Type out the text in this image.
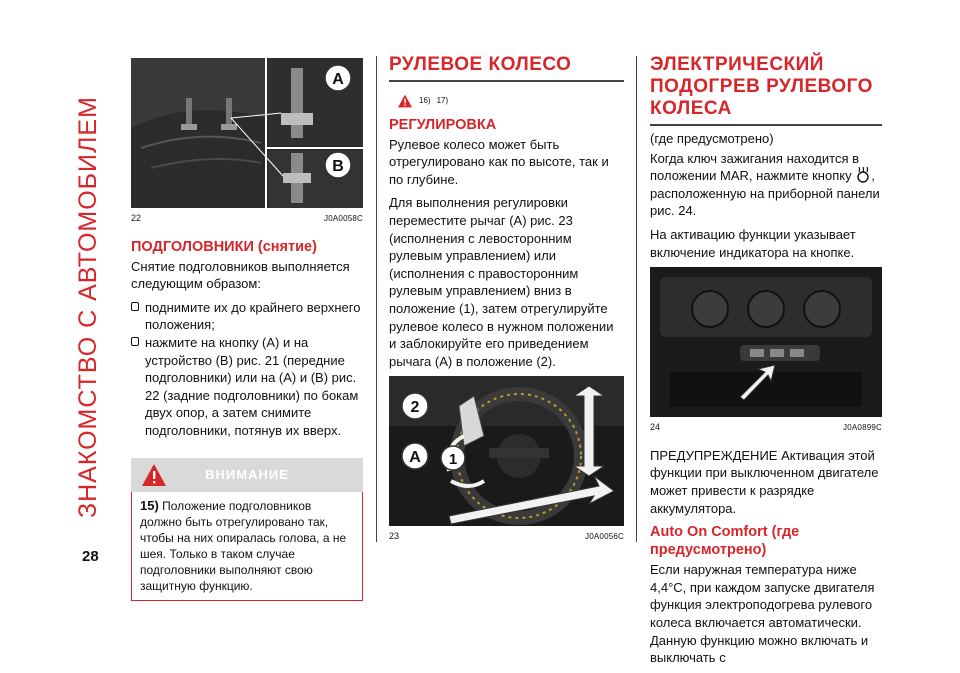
ЗНАКОМСТВО С АВТОМОБИЛЕМ
28
A
B
22	J0A0058C
ПОДГОЛОВНИКИ (снятие)

Снятие подголовников выполняется следующим образом:

поднимите их до крайнего верхнего положения;
нажмите на кнопку (A) и на устройство (B) рис. 21 (передние подголовники) или на (A) и (B) рис. 22 (задние подголовники) по бокам двух опор, а затем снимите подголовники, потянув их вверх.
ВНИМАНИЕ
15) Положение подголовников должно быть отрегулировано так, чтобы на них опиралась голова, а не шея. Только в таком случае подголовники выполняют свою защитную функцию.
РУЛЕВОЕ КОЛЕСО
16) 17)
РЕГУЛИРОВКА

Рулевое колесо может быть отрегулировано как по высоте, так и по глубине.

Для выполнения регулировки переместите рычаг (A) рис. 23 (исполнения с левосторонним рулевым управлением) или (исполнения с правосторонним рулевым управлением) вниз в положение (1), затем отрегулируйте рулевое колесо в нужном положении и заблокируйте его приведением рычага (A) в положение (2).

2
A 1
23	J0A0056C
ЭЛЕКТРИЧЕСКИЙ ПОДОГРЕВ РУЛЕВОГО КОЛЕСА

(где предусмотрено)

Когда ключ зажигания находится в положении MAR, нажмите кнопку , расположенную на приборной панели рис. 24.

На активацию функции указывает включение индикатора на кнопке.

24	J0A0899C

ПРЕДУПРЕЖДЕНИЕ Активация этой функции при выключенном двигателе может привести к разрядке аккумулятора.

Auto On Comfort (где предусмотрено)

Если наружная температура ниже 4,4°C, при каждом запуске двигателя функция электроподогрева рулевого колеса включается автоматически. Данную функцию можно включать и выключать с
